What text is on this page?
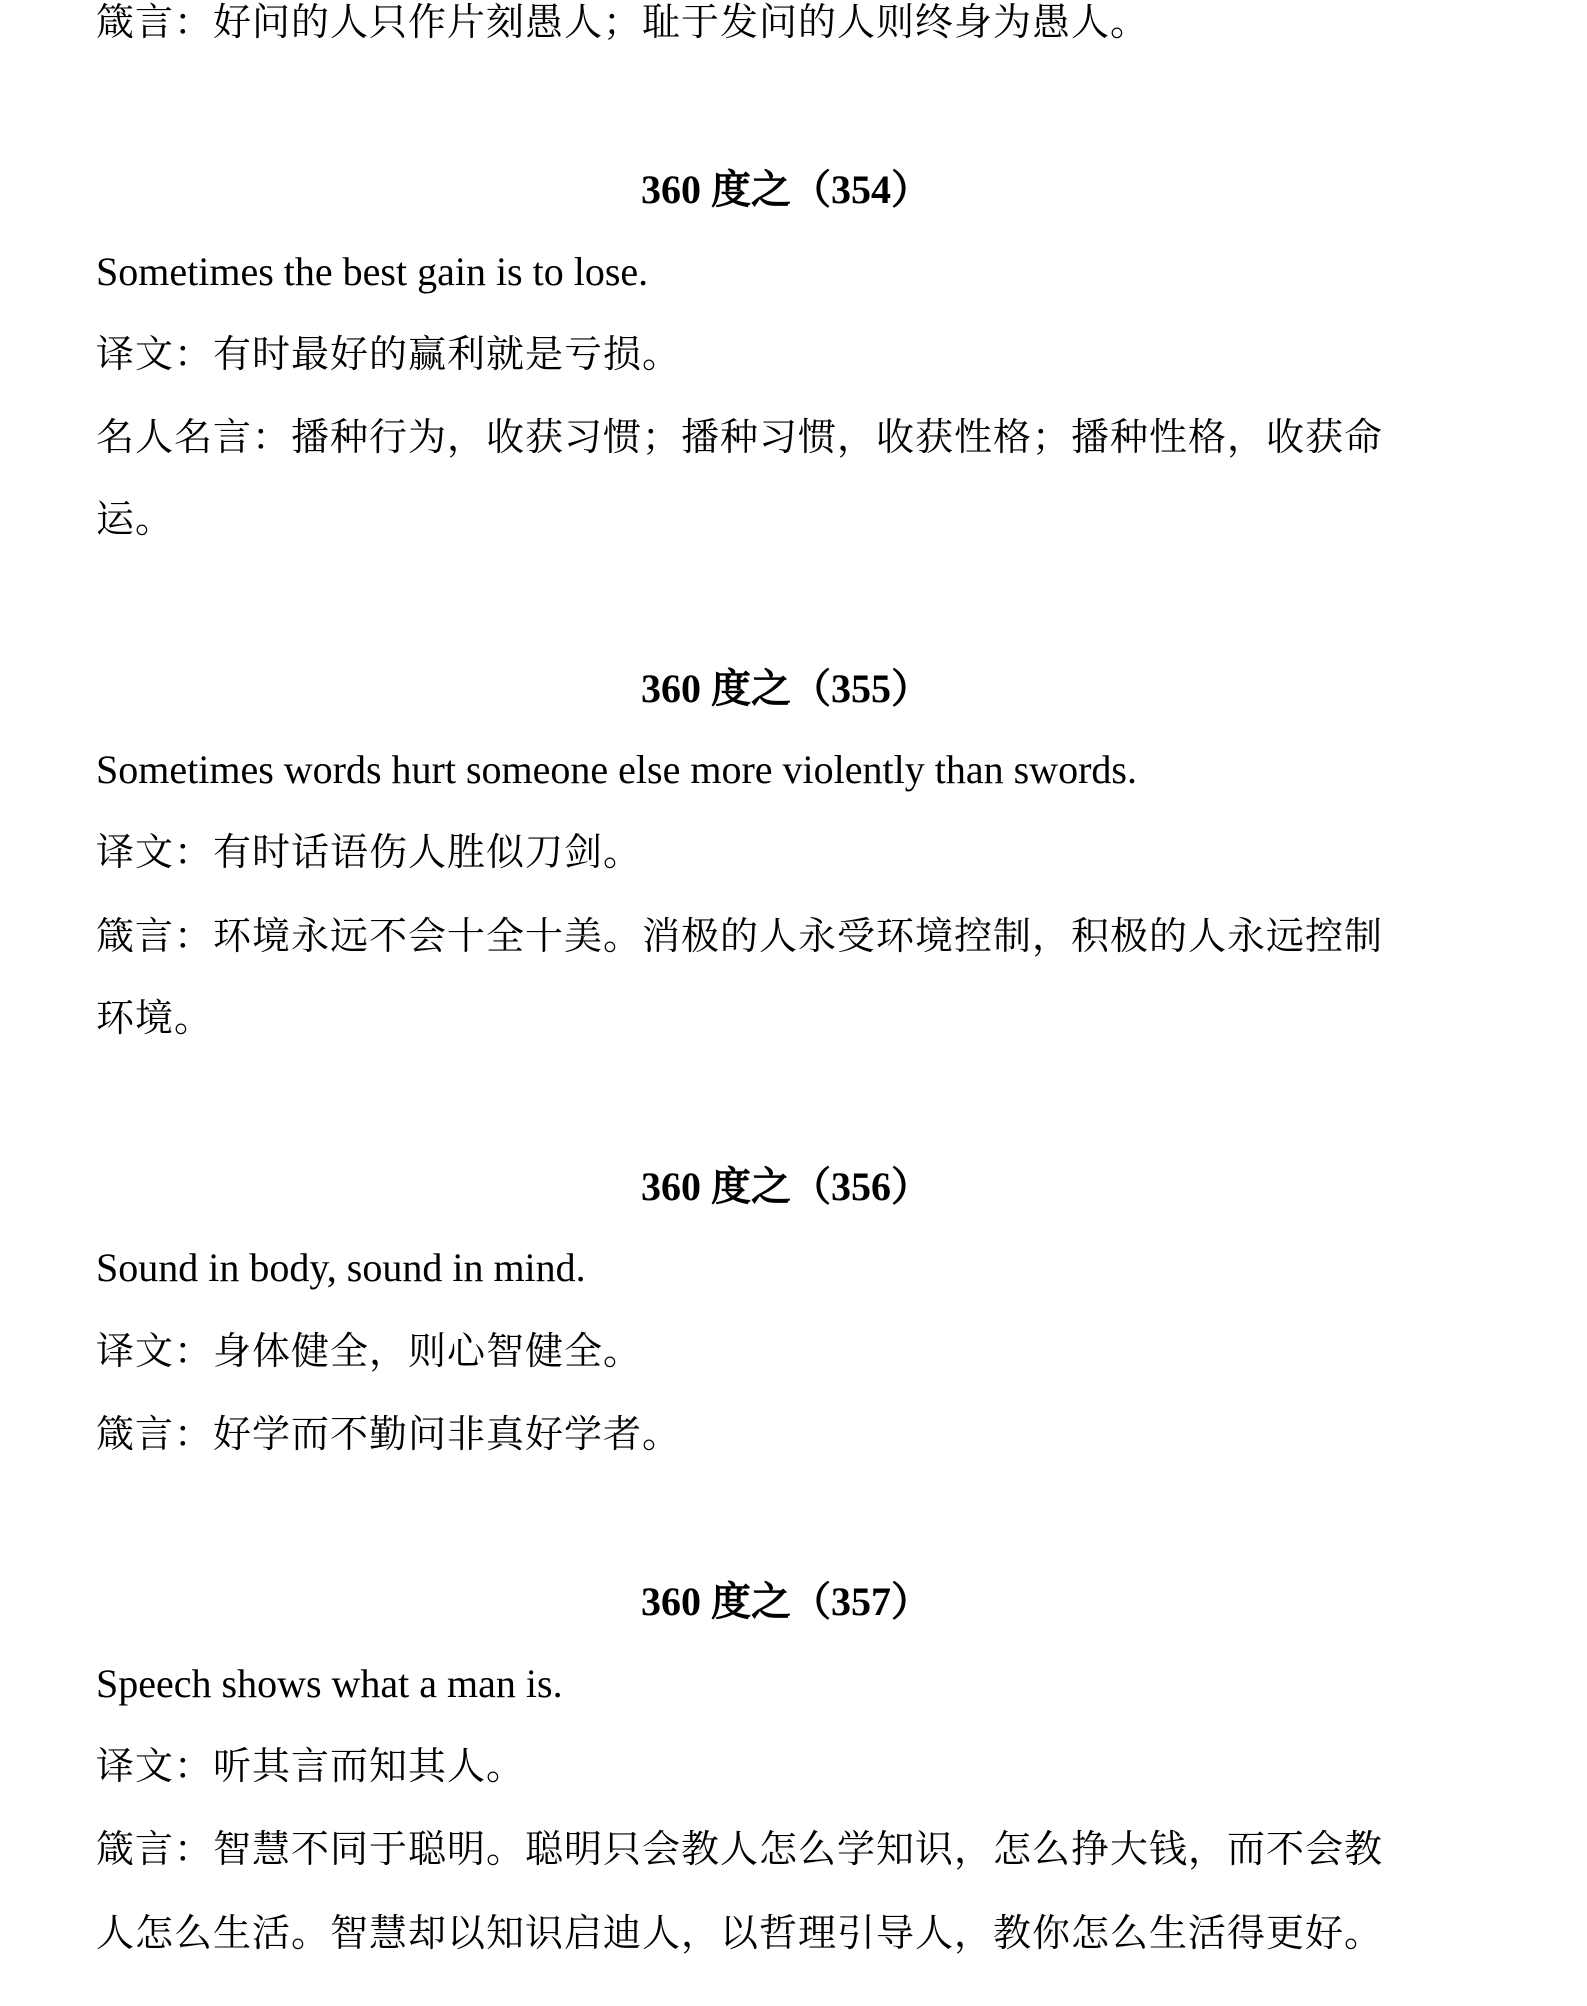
箴言：好问的人只作片刻愚人；耻于发问的人则终身为愚人。

360 度之（354）

Sometimes the best gain is to lose.

译文：有时最好的赢利就是亏损。

名人名言：播种行为，收获习惯；播种习惯，收获性格；播种性格，收获命

运。

360 度之（355）

Sometimes words hurt someone else more violently than swords.

译文：有时话语伤人胜似刀剑。

箴言：环境永远不会十全十美。消极的人永受环境控制，积极的人永远控制

环境。

360 度之（356）

Sound in body, sound in mind.

译文：身体健全，则心智健全。

箴言：好学而不勤问非真好学者。

360 度之（357）

Speech shows what a man is.

译文：听其言而知其人。

箴言：智慧不同于聪明。聪明只会教人怎么学知识，怎么挣大钱，而不会教

人怎么生活。智慧却以知识启迪人，以哲理引导人，教你怎么生活得更好。
